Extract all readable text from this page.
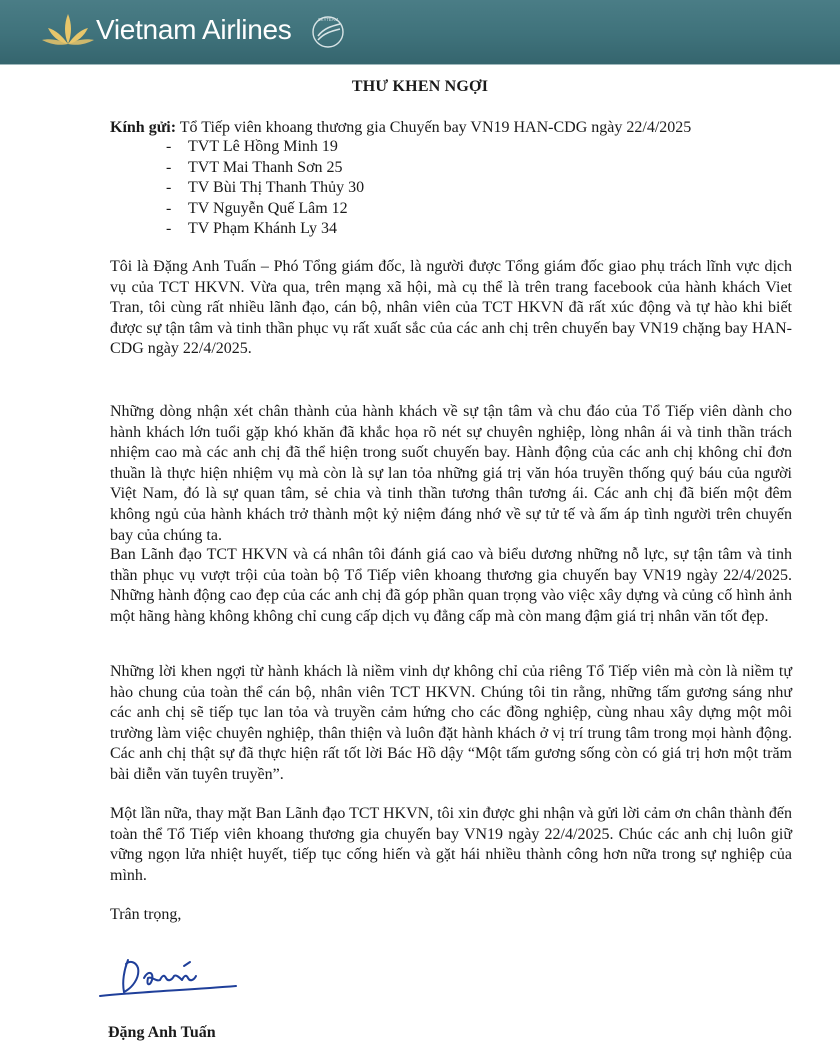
Vietnam Airlines	SKYTEAM
THƯ KHEN NGỢI
Kính gửi: Tổ Tiếp viên khoang thương gia Chuyến bay VN19 HAN-CDG ngày 22/4/2025
- TVT Lê Hồng Minh 19
- TVT Mai Thanh Sơn 25
- TV Bùi Thị Thanh Thủy 30
- TV Nguyễn Quế Lâm 12
- TV Phạm Khánh Ly 34

Tôi là Đặng Anh Tuấn – Phó Tổng giám đốc, là người được Tổng giám đốc giao phụ trách lĩnh vực dịch vụ của TCT HKVN. Vừa qua, trên mạng xã hội, mà cụ thể là trên trang facebook của hành khách Viet Tran, tôi cùng rất nhiều lãnh đạo, cán bộ, nhân viên của TCT HKVN đã rất xúc động và tự hào khi biết được sự tận tâm và tinh thần phục vụ rất xuất sắc của các anh chị trên chuyến bay VN19 chặng bay HAN-CDG ngày 22/4/2025.

Những dòng nhận xét chân thành của hành khách về sự tận tâm và chu đáo của Tổ Tiếp viên dành cho hành khách lớn tuổi gặp khó khăn đã khắc họa rõ nét sự chuyên nghiệp, lòng nhân ái và tinh thần trách nhiệm cao mà các anh chị đã thể hiện trong suốt chuyến bay. Hành động của các anh chị không chỉ đơn thuần là thực hiện nhiệm vụ mà còn là sự lan tỏa những giá trị văn hóa truyền thống quý báu của người Việt Nam, đó là sự quan tâm, sẻ chia và tinh thần tương thân tương ái. Các anh chị đã biến một đêm không ngủ của hành khách trở thành một kỷ niệm đáng nhớ về sự tử tế và ấm áp tình người trên chuyến bay của chúng ta.

Ban Lãnh đạo TCT HKVN và cá nhân tôi đánh giá cao và biểu dương những nỗ lực, sự tận tâm và tinh thần phục vụ vượt trội của toàn bộ Tổ Tiếp viên khoang thương gia chuyến bay VN19 ngày 22/4/2025. Những hành động cao đẹp của các anh chị đã góp phần quan trọng vào việc xây dựng và củng cố hình ảnh một hãng hàng không không chỉ cung cấp dịch vụ đẳng cấp mà còn mang đậm giá trị nhân văn tốt đẹp.

Những lời khen ngợi từ hành khách là niềm vinh dự không chỉ của riêng Tổ Tiếp viên mà còn là niềm tự hào chung của toàn thể cán bộ, nhân viên TCT HKVN. Chúng tôi tin rằng, những tấm gương sáng như các anh chị sẽ tiếp tục lan tỏa và truyền cảm hứng cho các đồng nghiệp, cùng nhau xây dựng một môi trường làm việc chuyên nghiệp, thân thiện và luôn đặt hành khách ở vị trí trung tâm trong mọi hành động. Các anh chị thật sự đã thực hiện rất tốt lời Bác Hồ dậy “Một tấm gương sống còn có giá trị hơn một trăm bài diễn văn tuyên truyền”.

Một lần nữa, thay mặt Ban Lãnh đạo TCT HKVN, tôi xin được ghi nhận và gửi lời cảm ơn chân thành đến toàn thể Tổ Tiếp viên khoang thương gia chuyến bay VN19 ngày 22/4/2025. Chúc các anh chị luôn giữ vững ngọn lửa nhiệt huyết, tiếp tục cống hiến và gặt hái nhiều thành công hơn nữa trong sự nghiệp của mình.

Trân trọng,
Đặng Anh Tuấn
